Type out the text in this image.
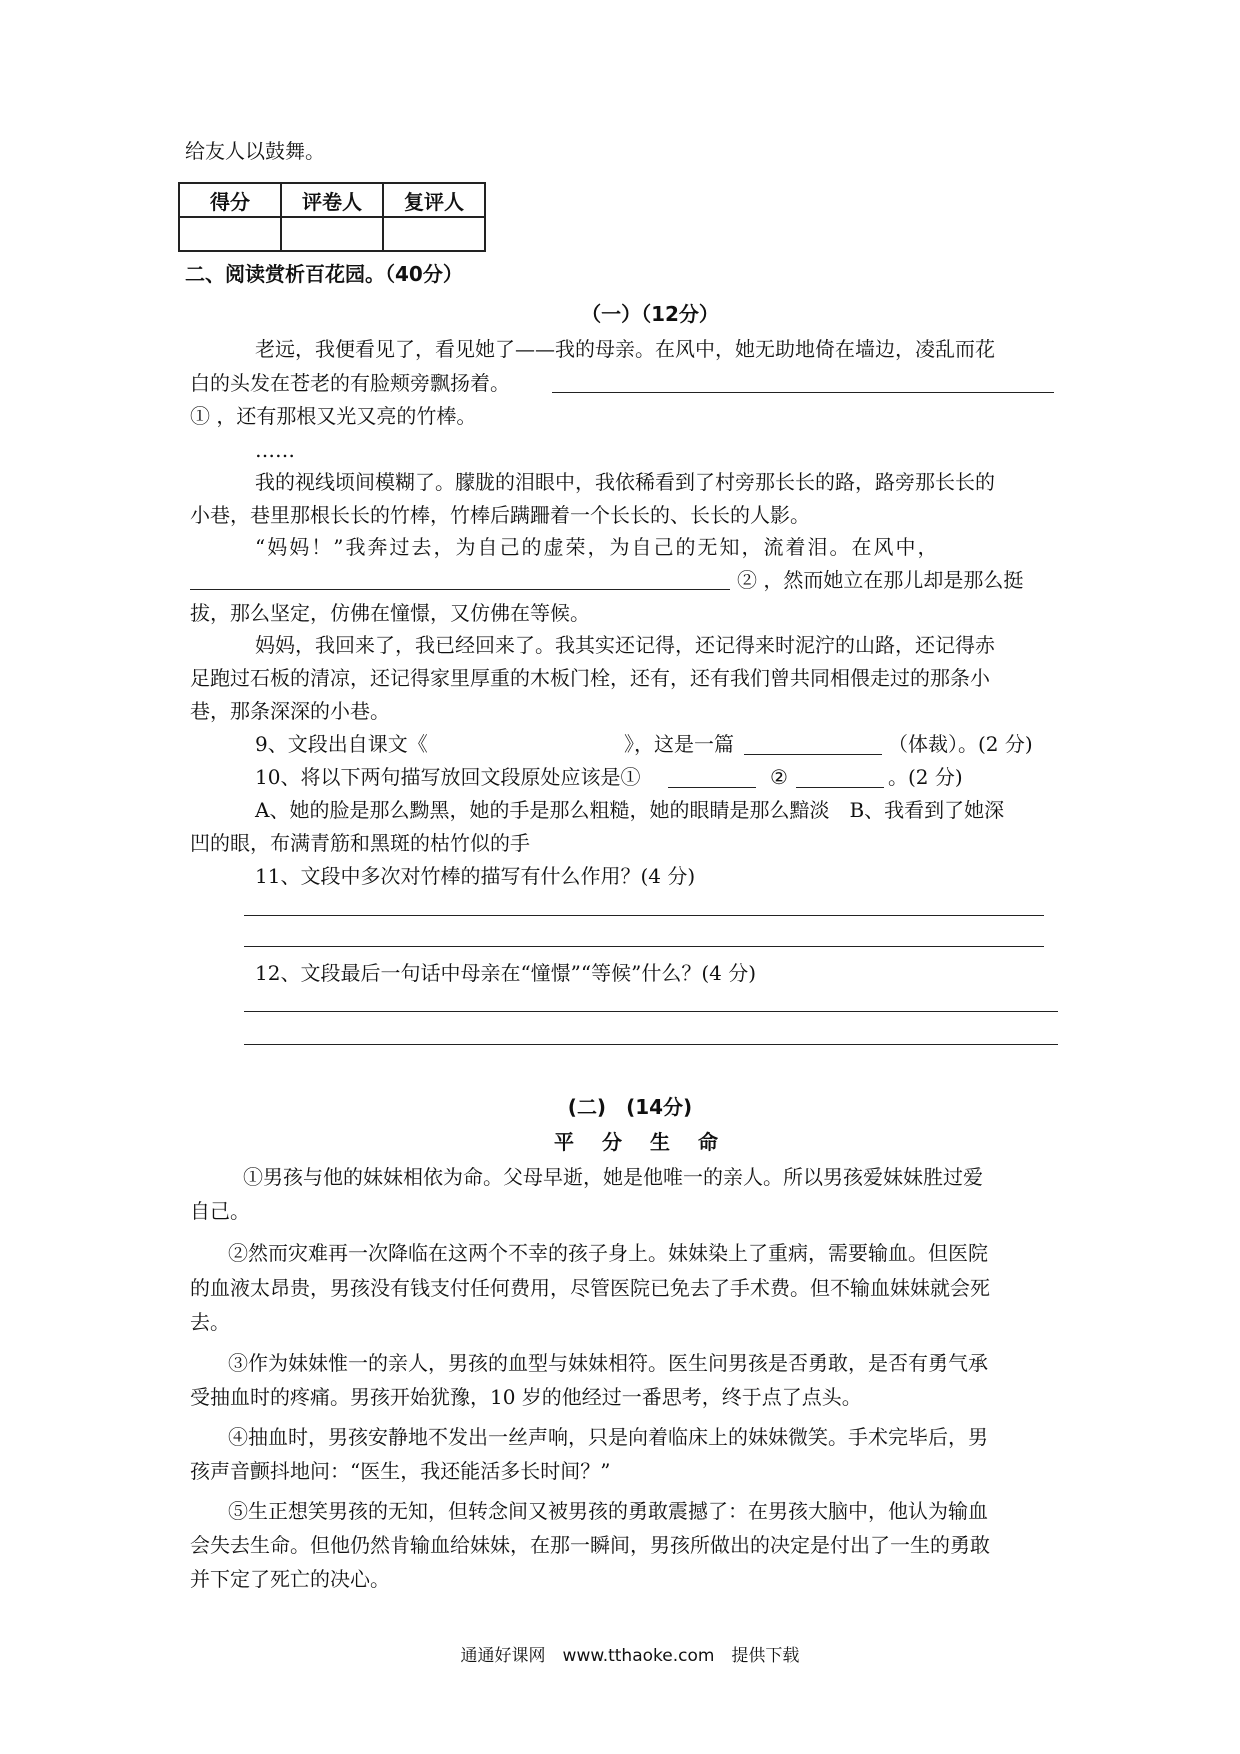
给友人以鼓舞。
得分	评卷人	复评人

二、阅读赏析百花园。（40分）
（一）（12分）
老远，我便看见了，看见她了——我的母亲。在风中，她无助地倚在墙边，凌乱而花
白的头发在苍老的有脸颊旁飘扬着。
① ，还有那根又光又亮的竹棒。
……
我的视线顷间模糊了。朦胧的泪眼中，我依稀看到了村旁那长长的路，路旁那长长的
小巷，巷里那根长长的竹棒，竹棒后蹒跚着一个长长的、长长的人影。
“妈妈！”我奔过去，为自己的虚荣，为自己的无知，流着泪。在风中，
② ，然而她立在那儿却是那么挺
拔，那么坚定，仿佛在憧憬，又仿佛在等候。
妈妈，我回来了，我已经回来了。我其实还记得，还记得来时泥泞的山路，还记得赤
足跑过石板的清凉，还记得家里厚重的木板门栓，还有，还有我们曾共同相偎走过的那条小
巷，那条深深的小巷。
9、文段出自课文《	》，这是一篇	（体裁）。(2 分)
10、将以下两句描写放回文段原处应该是①	②	。(2 分)
A、她的脸是那么黝黑，她的手是那么粗糙，她的眼睛是那么黯淡　B、我看到了她深
凹的眼，布满青筋和黑斑的枯竹似的手
11、文段中多次对竹棒的描写有什么作用？(4 分)
12、文段最后一句话中母亲在“憧憬”“等候”什么？(4 分)
(二)　(14分)
平分生命
①男孩与他的妹妹相依为命。父母早逝，她是他唯一的亲人。所以男孩爱妹妹胜过爱
自己。
②然而灾难再一次降临在这两个不幸的孩子身上。妹妹染上了重病，需要输血。但医院
的血液太昂贵，男孩没有钱支付任何费用，尽管医院已免去了手术费。但不输血妹妹就会死
去。
③作为妹妹惟一的亲人，男孩的血型与妹妹相符。医生问男孩是否勇敢，是否有勇气承
受抽血时的疼痛。男孩开始犹豫，10 岁的他经过一番思考，终于点了点头。
④抽血时，男孩安静地不发出一丝声响，只是向着临床上的妹妹微笑。手术完毕后，男
孩声音颤抖地问：“医生，我还能活多长时间？”
⑤生正想笑男孩的无知，但转念间又被男孩的勇敢震撼了：在男孩大脑中，他认为输血
会失去生命。但他仍然肯输血给妹妹，在那一瞬间，男孩所做出的决定是付出了一生的勇敢
并下定了死亡的决心。
通通好课网　www.tthaoke.com　提供下载
